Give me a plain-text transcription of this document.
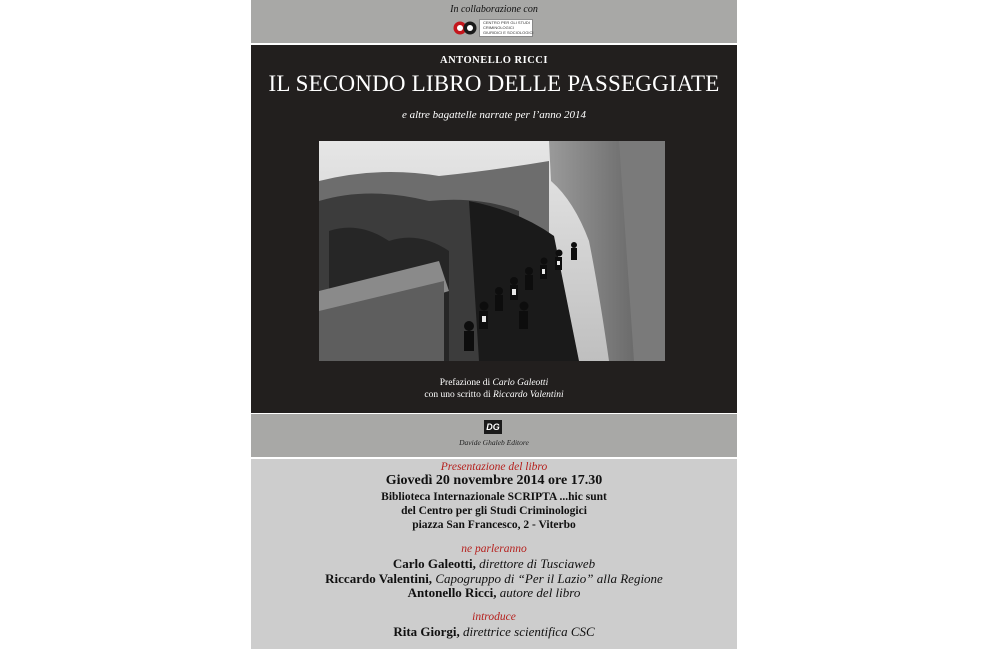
In collaborazione con
CENTRO PER GLI STUDI
CRIMINOLOGICI
GIURIDICI E SOCIOLOGICI
ANTONELLO RICCI
IL SECONDO LIBRO DELLE PASSEGGIATE
e altre bagattelle narrate per l’anno 2014
Prefazione di Carlo Galeotti
con uno scritto di Riccardo Valentini
DG
Davide Ghaleb Editore
Presentazione del libro
Giovedì 20 novembre 2014 ore 17.30
Biblioteca Internazionale SCRIPTA ...hic sunt
del Centro per gli Studi Criminologici
piazza San Francesco, 2 - Viterbo
ne parleranno
Carlo Galeotti, direttore di Tusciaweb
Riccardo Valentini, Capogruppo di “Per il Lazio” alla Regione
Antonello Ricci, autore del libro
introduce
Rita Giorgi, direttrice scientifica CSC
